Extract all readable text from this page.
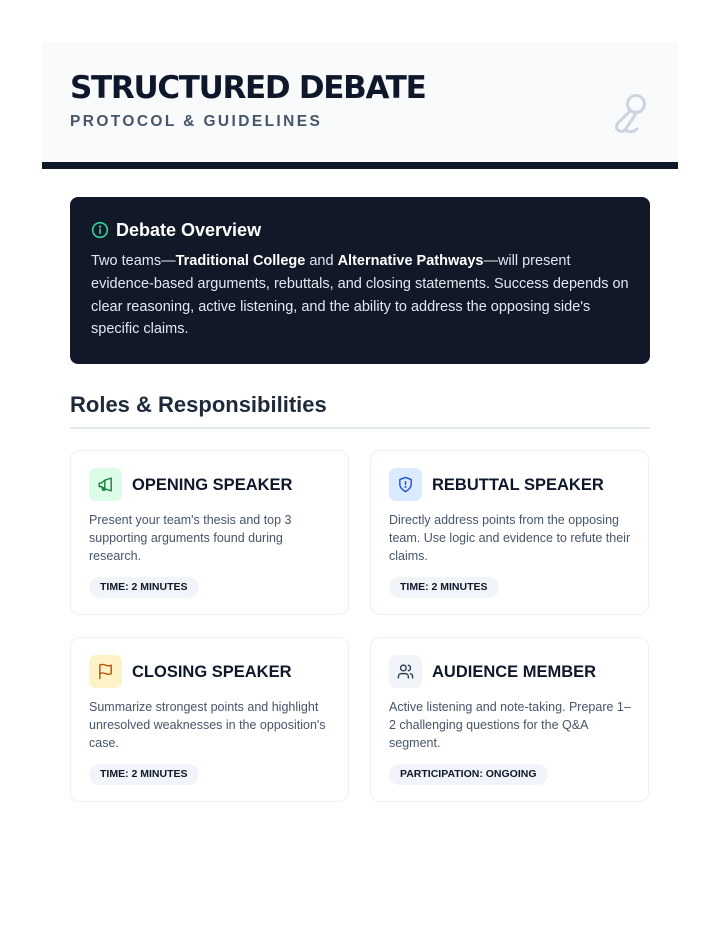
STRUCTURED DEBATE
PROTOCOL & GUIDELINES
Debate Overview
Two teams—Traditional College and Alternative Pathways—will present evidence-based arguments, rebuttals, and closing statements. Success depends on clear reasoning, active listening, and the ability to address the opposing side's specific claims.
Roles & Responsibilities
OPENING SPEAKER
Present your team's thesis and top 3 supporting arguments found during research.
TIME: 2 MINUTES
REBUTTAL SPEAKER
Directly address points from the opposing team. Use logic and evidence to refute their claims.
TIME: 2 MINUTES
CLOSING SPEAKER
Summarize strongest points and highlight unresolved weaknesses in the opposition's case.
TIME: 2 MINUTES
AUDIENCE MEMBER
Active listening and note-taking. Prepare 1–2 challenging questions for the Q&A segment.
PARTICIPATION: ONGOING
